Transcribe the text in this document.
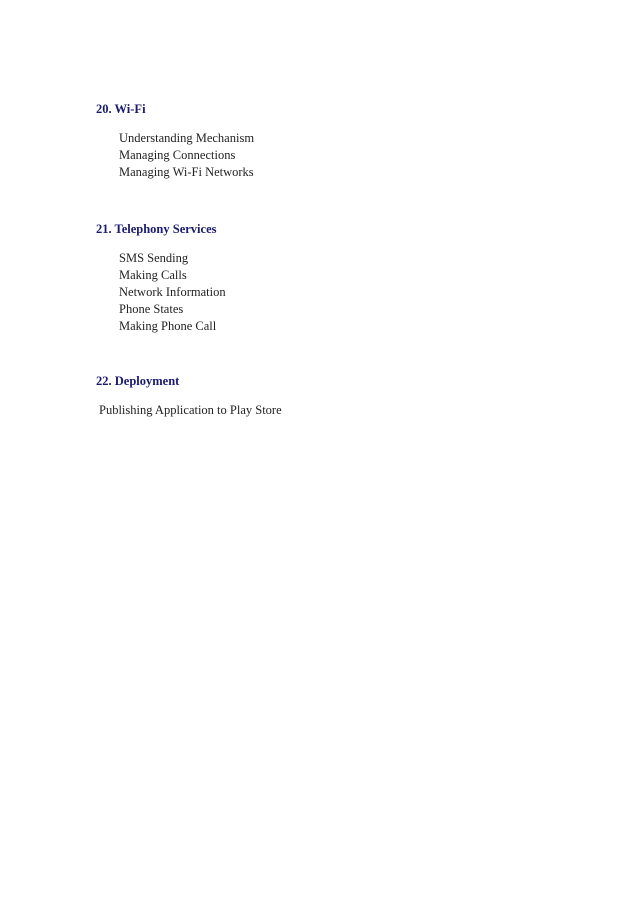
20. Wi-Fi
Understanding Mechanism
Managing Connections
Managing Wi-Fi Networks
21. Telephony Services
SMS Sending
Making Calls
Network Information
Phone States
Making Phone Call
22. Deployment
Publishing Application to Play Store
